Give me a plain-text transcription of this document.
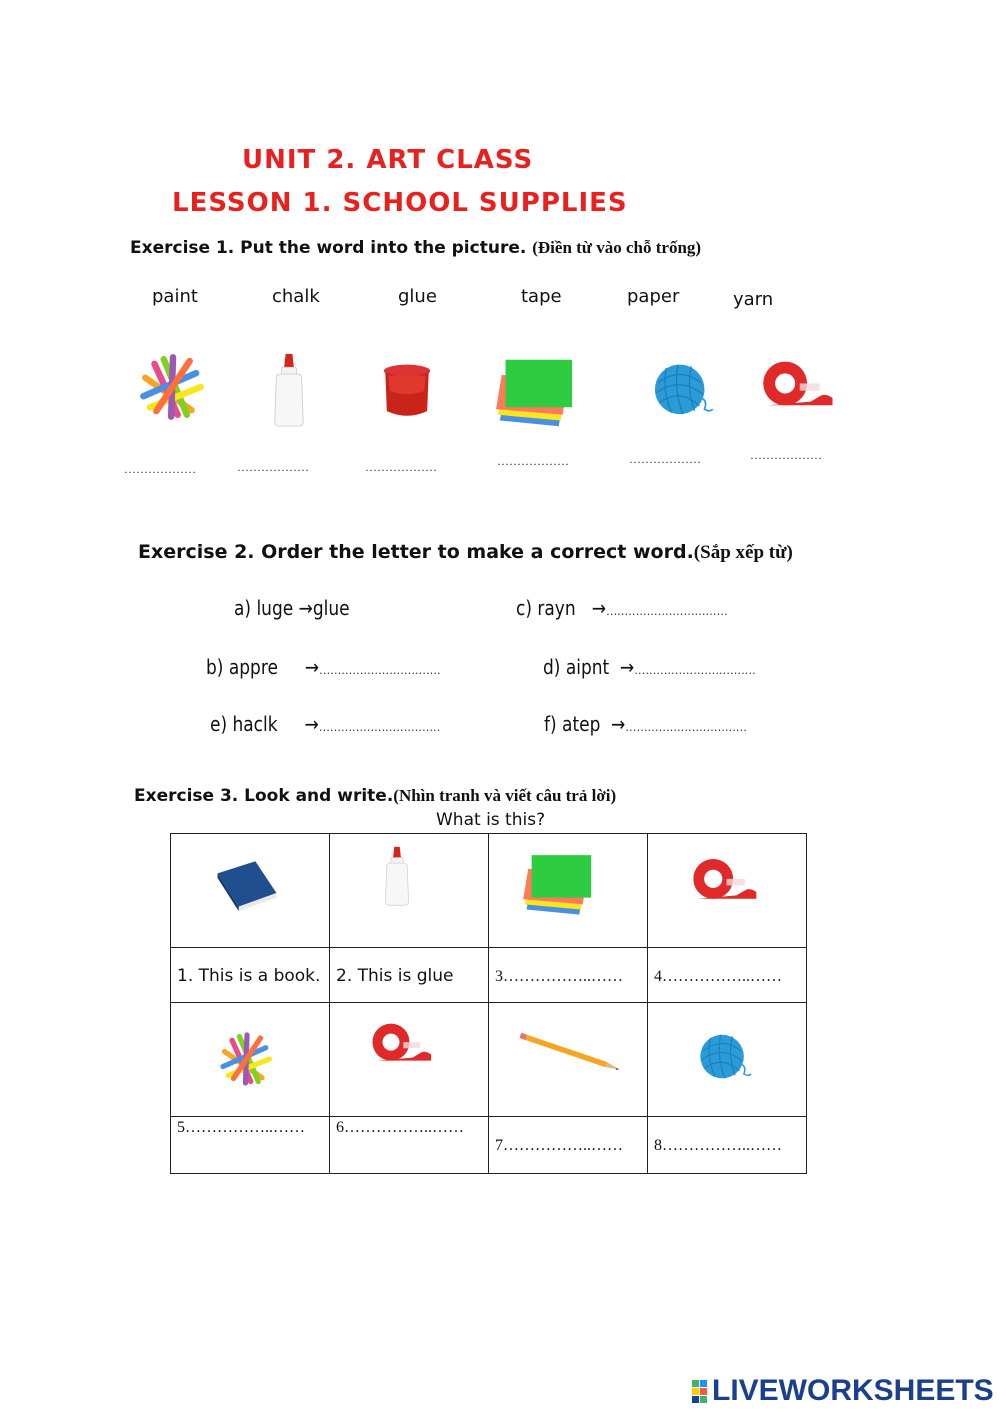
UNIT 2. ART CLASS
LESSON 1. SCHOOL SUPPLIES
Exercise 1. Put the word into the picture. (Điền từ vào chỗ trống)
paint	chalk	glue	tape	paper	yarn
………………	………………	………………	………………	………………	………………
Exercise 2. Order the letter to make a correct word.(Sắp xếp từ)
a) luge →glue	c) rayn →……………………………
b) appre →……………………………	d) aipnt →……………………………
e) haclk →……………………………	f) atep →……………………………
Exercise 3. Look and write.(Nhìn tranh và viết câu trả lời)
What is this?

1. This is a book.	2. This is glue	3……………..……	4……………..……

5……………..……	6……………..……	7……………..……	8……………..……
LIVEWORKSHEETS
